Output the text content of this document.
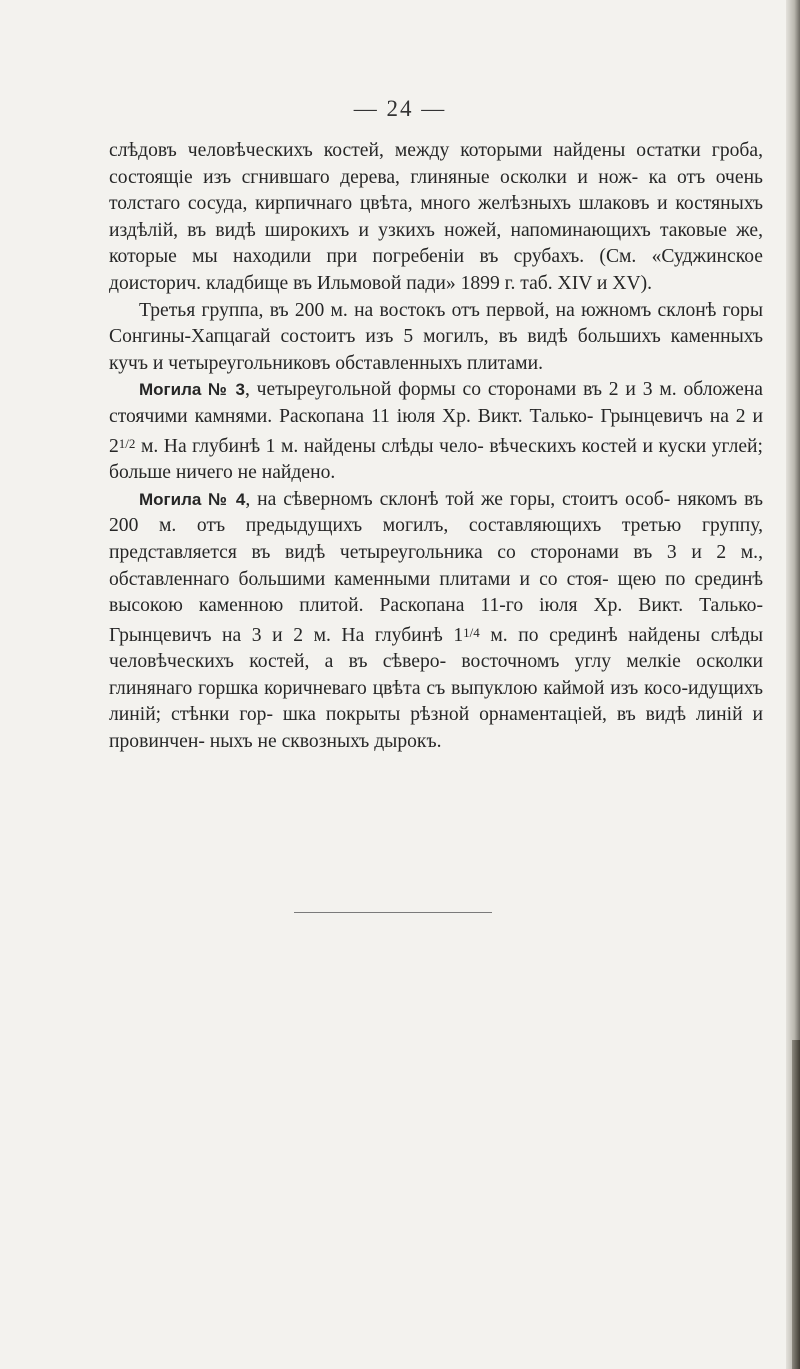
— 24 —

слѣдовъ человѣческихъ костей, между которыми найдены остатки гроба, состоящіе изъ сгнившаго дерева, глиняные осколки и нож- ка отъ очень толстаго сосуда, кирпичнаго цвѣта, много желѣзныхъ шлаковъ и костяныхъ издѣлій, въ видѣ широкихъ и узкихъ ножей, напоминающихъ таковые же, которые мы находили при погребеніи въ срубахъ. (См. «Суджинское доисторич. кладбище въ Ильмовой пади» 1899 г. таб. XIV и XV).

Третья группа, въ 200 м. на востокъ отъ первой, на южномъ склонѣ горы Сонгины-Хапцагай состоитъ изъ 5 могилъ, въ видѣ большихъ каменныхъ кучъ и четыреугольниковъ обставленныхъ плитами.

Могила № 3, четыреугольной формы со сторонами въ 2 и 3 м. обложена стоячими камнями. Раскопана 11 іюля Хр. Викт. Талько- Грынцевичъ на 2 и $2^{1/2}$ м. На глубинѣ 1 м. найдены слѣды чело- вѣческихъ костей и куски углей; больше ничего не найдено.

Могила № 4, на сѣверномъ склонѣ той же горы, стоитъ особ- някомъ въ 200 м. отъ предыдущихъ могилъ, составляющихъ третью группу, представляется въ видѣ четыреугольника со сторонами въ 3 и 2 м., обставленнаго большими каменными плитами и со стоя- щею по срединѣ высокою каменною плитой. Раскопана 11-го іюля Хр. Викт. Талько-Грынцевичъ на 3 и 2 м. На глубинѣ $1^{1/4}$ м. по срединѣ найдены слѣды человѣческихъ костей, а въ сѣверо- восточномъ углу мелкіе осколки глинянаго горшка коричневаго цвѣта съ выпуклою каймой изъ косо-идущихъ линій; стѣнки гор- шка покрыты рѣзной орнаментаціей, въ видѣ линій и провинчен- ныхъ не сквозныхъ дырокъ.
